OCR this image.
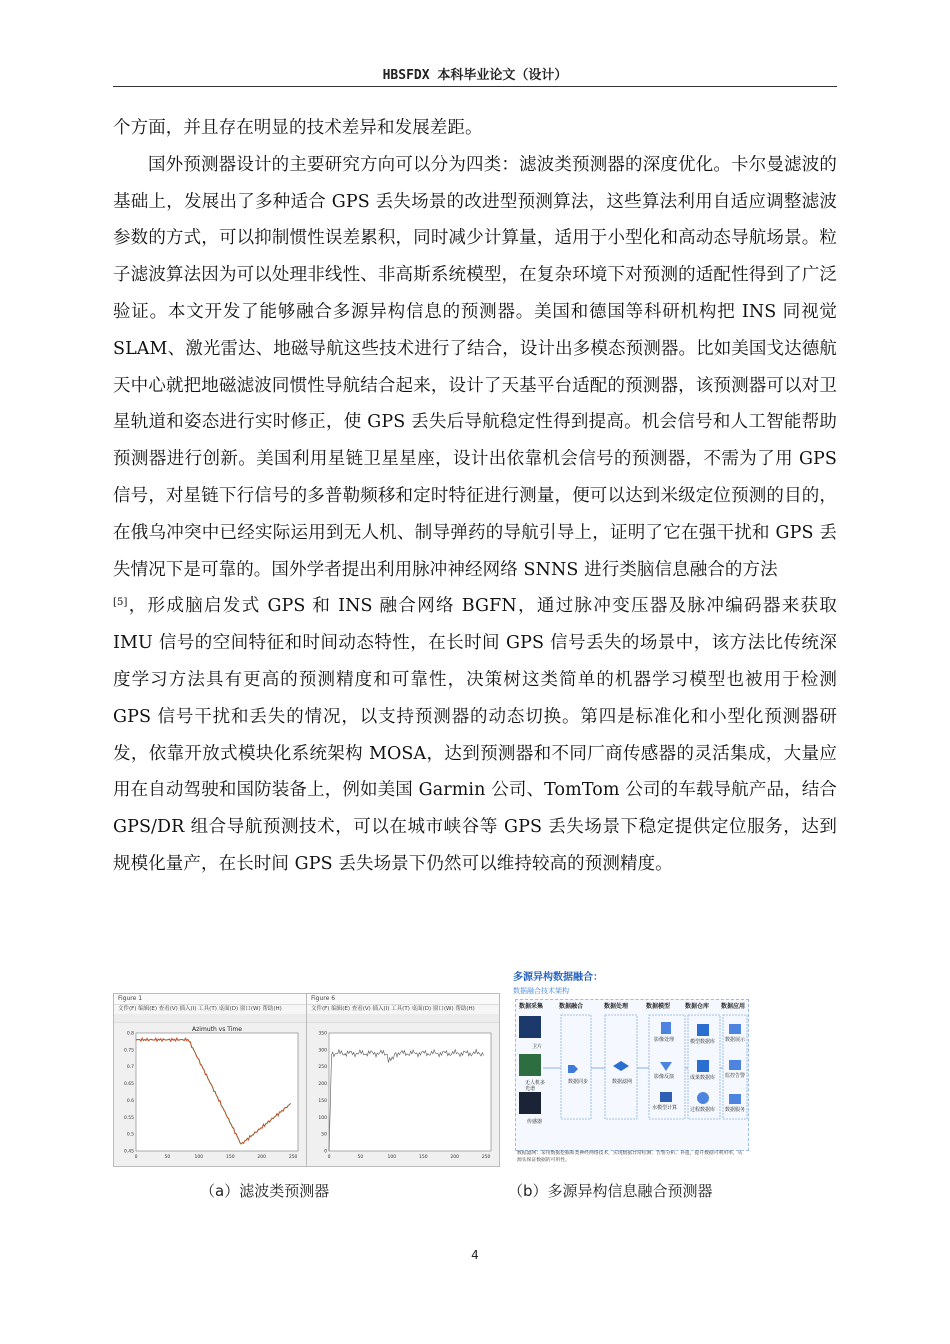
HBSFDX 本科毕业论文（设计）

个方面，并且存在明显的技术差异和发展差距。

国外预测器设计的主要研究方向可以分为四类：滤波类预测器的深度优化。卡尔曼滤波的基础上，发展出了多种适合 GPS 丢失场景的改进型预测算法，这些算法利用自适应调整滤波参数的方式，可以抑制惯性误差累积，同时减少计算量，适用于小型化和高动态导航场景。粒子滤波算法因为可以处理非线性、非高斯系统模型，在复杂环境下对预测的适配性得到了广泛验证。本文开发了能够融合多源异构信息的预测器。美国和德国等科研机构把 INS 同视觉 SLAM、激光雷达、地磁导航这些技术进行了结合，设计出多模态预测器。比如美国戈达德航天中心就把地磁滤波同惯性导航结合起来，设计了天基平台适配的预测器，该预测器可以对卫星轨道和姿态进行实时修正，使 GPS 丢失后导航稳定性得到提高。机会信号和人工智能帮助预测器进行创新。美国利用星链卫星星座，设计出依靠机会信号的预测器，不需为了用 GPS 信号，对星链下行信号的多普勒频移和定时特征进行测量，便可以达到米级定位预测的目的，在俄乌冲突中已经实际运用到无人机、制导弹药的导航引导上，证明了它在强干扰和 GPS 丢失情况下是可靠的。国外学者提出利用脉冲神经网络 SNNS 进行类脑信息融合的方法
[5]，形成脑启发式 GPS 和 INS 融合网络 BGFN，通过脉冲变压器及脉冲编码器来获取 IMU 信号的空间特征和时间动态特性，在长时间 GPS 信号丢失的场景中，该方法比传统深度学习方法具有更高的预测精度和可靠性，决策树这类简单的机器学习模型也被用于检测 GPS 信号干扰和丢失的情况，以支持预测器的动态切换。第四是标准化和小型化预测器研发，依靠开放式模块化系统架构 MOSA，达到预测器和不同厂商传感器的灵活集成，大量应用在自动驾驶和国防装备上，例如美国 Garmin 公司、TomTom 公司的车载导航产品，结合 GPS/DR 组合导航预测技术，可以在城市峡谷等 GPS 丢失场景下稳定提供定位服务，达到规模化量产，在长时间 GPS 丢失场景下仍然可以维持较高的预测精度。

Figure 1
文件(F) 编辑(E) 查看(V) 插入(I) 工具(T) 桌面(D) 窗口(W) 帮助(H)
Azimuth vs Time
0.8
0.75
0.7
0.65
0.6
0.55
0.5
0.45
0	50	100	150	200	250
Figure 6
文件(F) 编辑(E) 查看(V) 插入(I) 工具(T) 桌面(D) 窗口(W) 帮助(H)
350
300
250
200
150
100
50
0
0	50	100	150	200	250
多源异构数据融合：
数据融合技术架构
数据采集	数据融合	数据处理	数据模型 数据仓库 数据应用
卫片
无人机多光谱
传感器
数据同步	数据滤网
影像处理
影像反演
水模型计算
模型数据库
成果数据库
过程数据库
数据展示
监控告警
数据服务
数据滤网：采用数据挖掘和类神经网络技术，实现数据异常检测、告警分析、补遗，提升数据可利用率，从源头保证数据的可用性。
（a）滤波类预测器	（b）多源异构信息融合预测器
4
